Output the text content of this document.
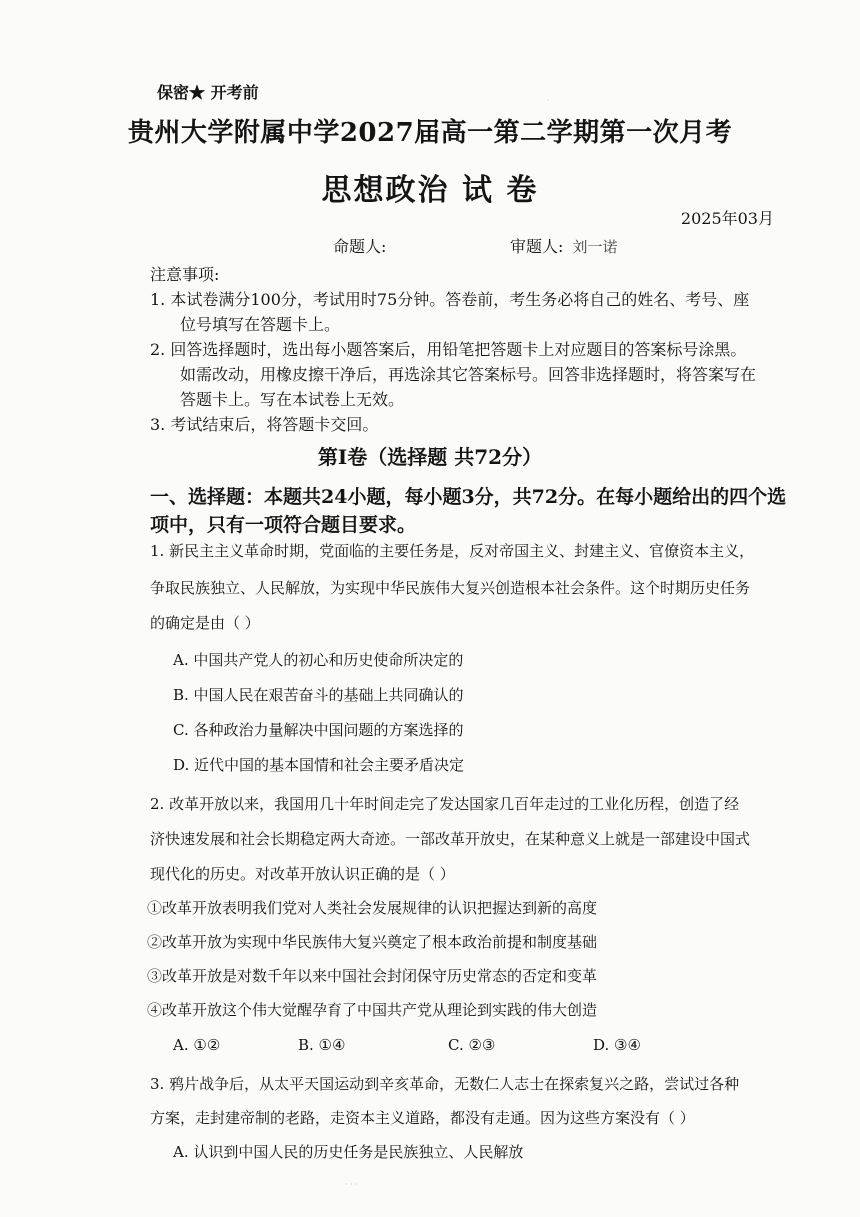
保密★ 开考前
贵州大学附属中学2027届高一第二学期第一次月考
思想政治 试 卷
2025年03月
命题人:	审题人: 刘一诺
注意事项:
1. 本试卷满分100分，考试用时75分钟。答卷前，考生务必将自己的姓名、考号、座
位号填写在答题卡上。
2. 回答选择题时，选出每小题答案后，用铅笔把答题卡上对应题目的答案标号涂黑。
如需改动，用橡皮擦干净后，再选涂其它答案标号。回答非选择题时，将答案写在
答题卡上。写在本试卷上无效。
3. 考试结束后，将答题卡交回。
第I卷（选择题 共72分）
一、选择题：本题共24小题，每小题3分，共72分。在每小题给出的四个选
项中，只有一项符合题目要求。
1. 新民主主义革命时期，党面临的主要任务是，反对帝国主义、封建主义、官僚资本主义，
争取民族独立、人民解放，为实现中华民族伟大复兴创造根本社会条件。这个时期历史任务
的确定是由（ ）
A. 中国共产党人的初心和历史使命所决定的
B. 中国人民在艰苦奋斗的基础上共同确认的
C. 各种政治力量解决中国问题的方案选择的
D. 近代中国的基本国情和社会主要矛盾决定
2. 改革开放以来，我国用几十年时间走完了发达国家几百年走过的工业化历程，创造了经
济快速发展和社会长期稳定两大奇迹。一部改革开放史，在某种意义上就是一部建设中国式
现代化的历史。对改革开放认识正确的是（ ）
①改革开放表明我们党对人类社会发展规律的认识把握达到新的高度
②改革开放为实现中华民族伟大复兴奠定了根本政治前提和制度基础
③改革开放是对数千年以来中国社会封闭保守历史常态的否定和变革
④改革开放这个伟大觉醒孕育了中国共产党从理论到实践的伟大创造
A. ①②	B. ①④	C. ②③	D. ③④
3. 鸦片战争后，从太平天国运动到辛亥革命，无数仁人志士在探索复兴之路，尝试过各种
方案，走封建帝制的老路，走资本主义道路，都没有走通。因为这些方案没有（ ）
A. 认识到中国人民的历史任务是民族独立、人民解放
·
· · ·
